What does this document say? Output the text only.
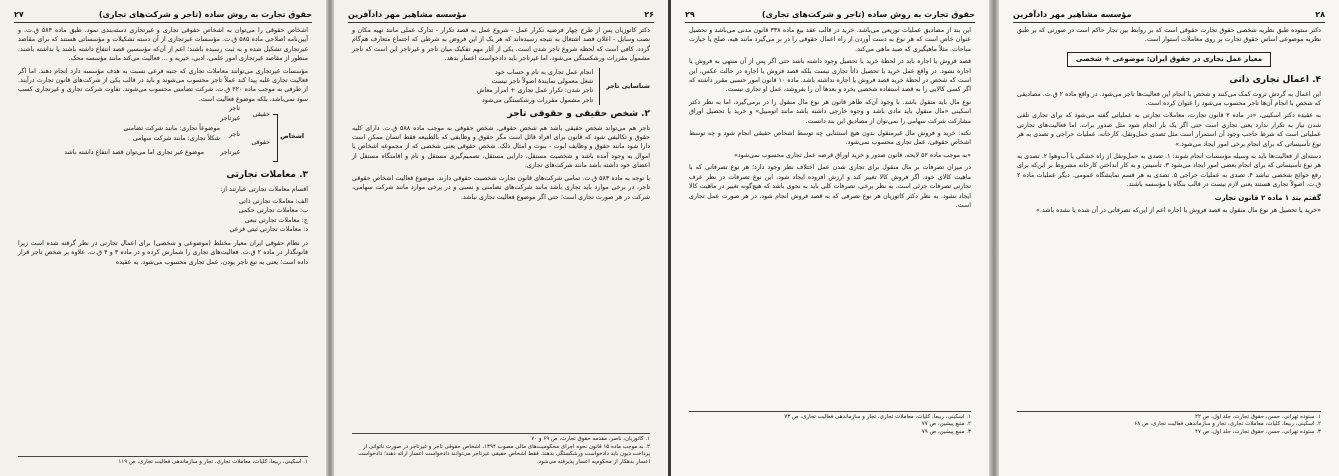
حقوق تجارت به روش ساده (تاجر و شرکت‌های تجاری)
۲۷

اشخاص حقوقی را می‌توان به اشخاص حقوقی تجاری و غیرتجاری دسته‌بندی نمود. طبق ماده ۵۸۴ ق.ت. و آیین‌نامه اصلاحی ماده ۵۸۵ ق.ت. مؤسسات غیرتجاری از آن دسته تشکیلات و مؤسساتی هستند که برای مقاصد غیرتجاری تشکیل شده و به ثبت رسیده باشند؛ اعم از آن‌که مؤسسین قصد انتفاع داشته باشند یا نداشته باشند. منظور از مقاصد غیرتجاری امور علمی، ادبی، خیریه و ... فعالیت می‌کند مانند مؤسسه محک.

مؤسسات غیرتجاری می‌توانند معاملات تجاری که جنبه فرعی نسبت به هدف مؤسسه دارد انجام دهند. اما اگر فعالیت تجاری غلبه پیدا کند عملاً تاجر محسوب می‌شوند و باید در قالب یکی از شرکت‌های قانون تجارت درآیند. از طرفی به موجب ماده ۲۲۰ ق.ت. شرکت تضامنی محسوب می‌شوند. تفاوت شرکت تجاری و غیرتجاری کسب سود نمی‌باشد، بلکه موضوع فعالیت است.

اشخاص
حقیقی
تاجر
غیرتاجر
حقوقی
تاجر
موضوعاً تجاری: مانند شرکت تضامنی
شکلاً تجاری: مانند شرکت سهامی
غیرتاجر
موضوع غیر تجاری اما می‌توان قصد انتفاع داشته باشد
۳. معاملات تجارتی

اقسام معاملات تجارتی عبارتند از:

الف: معاملات تجارتی ذاتی
ب: معاملات تجارتی حکمی
ج: معاملات تجارتی تبعی
د: معاملات تجارتی ثبتی فرعی

در نظام حقوقی ایران معیار مختلط (موضوعی و شخصی) برای اعمال تجارتی در نظر گرفته شده است زیرا قانونگذار در ماده ۲ ق.ت. فعالیت‌های تجاری را شمارش کرده و در ماده ۳ و ۴ ق.ت. علاوه بر شخص تاجر قرار داده است؛ یعنی به تبع تاجر بودن، عمل تجاری محسوب می‌شود. به عقیده

۱. اسکینی، ربیعا، کلیات، معاملات تجاری، تجار و سازماندهی فعالیت تجاری، ص ۱۱۹
۲۶
مؤسسه مشاهیر مهر دادآفرین

دکتر کاتوزیان پس از طرح چهار فرضیه تکرار عمل - شروع عمل به قصد تکرار - تدارک عملی مانند تهیه مکان و نصب وسایل - اعلان قصد اشتغال به نتیجه رسیده‌اند که هر یک از این فروض به شرطی که اجتماع متعارف هم‌گام گردد، کافی است که لحظه شروع تاجر شدن است. یکی از آثار مهم تفکیک میان تاجر و غیرتاجر این است که تاجر مشمول مقررات ورشکستگی می‌شود، اما غیرتاجر باید دادخواست اعسار بدهد.

شناسایی تاجر
انجام عمل تجاری به نام و حساب خود
شغل معمولی نمایندهٔ اصولاً تاجر نیست
تاجر شدن: تکرار عمل تجاری + امرار معاش
تاجر مشمول مقررات ورشکستگی می‌شود
۲. شخص حقیقی و حقوقی تاجر

تاجر هم می‌تواند شخص حقیقی باشد هم شخص حقوقی. شخص حقوقی به موجب ماده ۵۸۸ ق.ت. دارای کلیه حقوق و تکالیفی شود که قانون برای افراد قائل است مگر حقوق و وظایفی که بالطبیعه فقط انسان ممکن است دارا شود مانند حقوق و وظایف ابوت - بنوت و امثال ذلک. شخص حقوقی یعنی شخصی که از مجموعه اشخاص یا اموال به وجود آمده باشد و شخصیت مستقل، دارایی مستقل، تصمیم‌گیری مستقل و نام و اقامتگاه مستقل از اعضای خود داشته باشد مانند شرکت‌های تجاری.

با توجه به ماده ۵۸۳ ق.ت. تمامی شرکت‌های قانون تجارت شخصیت حقوقی دارند. موضوع فعالیت اشخاص حقوقی تاجر، در برخی موارد باید تجاری باشد مانند شرکت‌های تضامنی و نسبی و در برخی موارد مانند شرکت سهامی، شرکت در هر صورت تجاری است؛ حتی اگر موضوع فعالیت تجاری نباشد.

۱. کاتوزیان، ناصر، مقدمه حقوق تجارت، ص ۶۹ و ۷۰
۲. به موجب ماده ۱۵ قانون نحوه اجرای محکومیت‌های مالی مصوب ۱۳۹۴، اشخاص حقوقی تاجر و غیرتاجر در صورت ناتوانی از پرداخت دیون باید دادخواست ورشکستگی بدهند. فقط اشخاص حقیقی غیرتاجر می‌توانند دادخواست اعسار ارائه دهند؛ دادخواست اعسار بدهکار از محکوم‌به اعسار پذیرفته می‌شود.
حقوق تجارت به روش ساده (تاجر و شرکت‌های تجاری)
۲۹

این بند از مصادیق عملیات توزیعی می‌باشد. خرید در قالب عقد بیع ماده ۳۳۸ قانون مدنی می‌باشد و تحصیل عنوان خاص است که هر نوع به دست آوردن از راه اعمال حقوقی را در بر می‌گیرد مانند هبه، صلح یا حیازت مباحات. مثلاً ماهیگیری که صید ماهی می‌کند.

قصد فروش یا اجاره باید در لحظهٔ خرید یا تحصیل وجود داشته باشد حتی اگر پس از آن منتهی به فروش یا اجاره نشود. در واقع عمل خرید یا تحصیل ذاتاً تجاری نیست بلکه قصد فروش یا اجاره در حالت عکس، این است که شخص در لحظهٔ خرید قصد فروش یا اجاره نداشته باشد. ماده ۱۰ قانون امور حسبی مقرر داشته که اگر کسی کالایی را به قصد استفاده شخصی بخرد و بعدها آن را بفروشد، عمل او تجاری نیست.

نوع مال باید منقول باشد. با وجود آن‌که ظاهر قانون هر نوع مال منقول را در برمی‌گیرد، اما به نظر دکتر اسکینی «مال منقول باید مادی باشد و وجوه خارجی داشته باشد مانند اتومبیل» و خرید یا تحصیل اوراق مشارکت شرکت سهامی را نمی‌توان از مصادیق این بند دانست.

نکته: خرید و فروش مال غیرمنقول بدون هیچ استثنایی چه توسط اشخاص حقیقی انجام شود و چه توسط اشخاص حقوقی، عمل تجاری محسوب نمی‌شود.

«به موجب ماده ۵۲ لایحه، قانون صدور و خرید اوراق قرضه عمل تجاری محسوب نمی‌شود»

در میزان تصرفات بر مال منقول برای تجاری شدن عمل اختلاف نظر وجود دارد؛ هر نوع تصرفاتی که با ماهیت کالای خود، اگر فروش کالا تغییر کند و ارزش افزوده ایجاد شود، این نوع تصرفات در نظر عرف تجارتی تصرفات جزئی است. به نظر برخی، تصرفات کلی باید به نحوی باشد که هیچ‌گونه تغییر در ماهیت کالا ایجاد نشود. به نظر دکتر کاتوزیان هر نوع تصرفی که به قصد فروش انجام شود، در هر صورت عمل تجاری است.

۱. اسکینی، ربیعا، کلیات، معاملات تجاری، تجار و سازماندهی فعالیت تجاری، ص ۷۳
۲. منبع پیشین، ص ۷۷
۳. منبع پیشین، ص ۷۹
۲۸
مؤسسه مشاهیر مهر دادآفرین

دکتر ستوده طبق نظریه شخصی حقوق تجارت حقوقی است که بر روابط بین تجار حاکم است در صورتی که بر طبق نظریه موضوعی اساس حقوق تجارت بر روی معاملات استوار است.

معیار عمل تجاری در حقوق ایران: موضوعی + شخصی
۴. اعمال تجاری ذاتی

این اعمال به گردش ثروت کمک می‌کنند و شخص با انجام این فعالیت‌ها تاجر می‌شود. در واقع ماده ۲ ق.ت. مصادیقی که شخص با انجام آن‌ها تاجر محسوب می‌شود را عنوان کرده است.

به عقیده دکتر اسکینی، «در ماده ۲ قانون تجارت، معاملات تجارتی به عملیاتی گفته می‌شود که برای تجاری تلقی شدن نیاز به تکرار ندارد یعنی تجاری است حتی اگر یک بار انجام شود مثل صدور برات. اما فعالیت‌های تجارتی عملیاتی است که شرط حاجب وجود آن استمرار است مثل تصدی حمل‌ونقل، کارخانه، عملیات حراجی و تصدی به هر نوع تأسیساتی که برای انجام برخی امور ایجاد می‌شود.»

دسته‌ای از فعالیت‌ها باید به وسیله مؤسسات انجام شوند: ۱. تصدی به حمل‌ونقل از راه خشکی یا آب‌وهوا ۲. تصدی به هر نوع تأسیساتی که برای انجام بعضی امور ایجاد می‌شود ۳. تأسیس و به کار انداختن کارخانه مشروط بر این‌که برای رفع حوائج شخصی نباشد ۴. تصدی به عملیات حراجی ۵. تصدی به هر قسم نمایشگاه عمومی. دیگر عملیات ماده ۲ ق.ت. اصولاً تجاری هستند یعنی لازم نیست در قالب بنگاه یا مؤسسه باشند.

گفتم بند ۱ ماده ۲ قانون تجارت

«خرید یا تحصیل هر نوع مال منقول به قصد فروش یا اجاره اعم از این‌که تصرفاتی در آن شده یا نشده باشد.»

۱. ستوده تهرانی، حسن، حقوق تجارت، جلد اول، ص ۲۲
۲. اسکینی، ربیعا، کلیات، معاملات تجاری، تجار و سازماندهی فعالیت تجاری، ص ۶۸
۳. ستوده تهرانی، حسن، حقوق تجارت، جلد اول، ص ۴۷
